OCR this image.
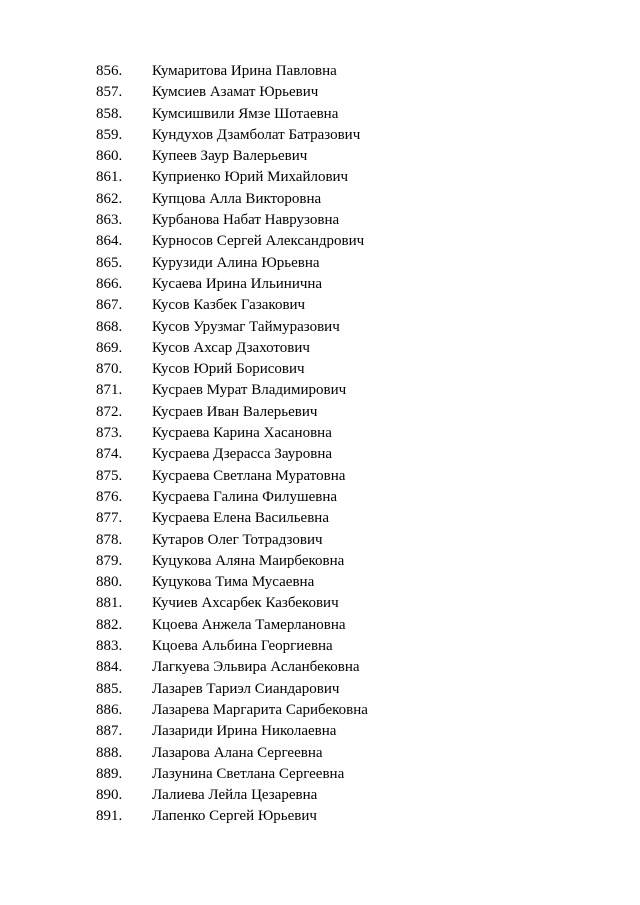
856. Кумаритова Ирина Павловна
857. Кумсиев Азамат Юрьевич
858. Кумсишвили Ямзе Шотаевна
859. Кундухов Дзамболат Батразович
860. Купеев Заур Валерьевич
861. Куприенко Юрий Михайлович
862. Купцова Алла Викторовна
863. Курбанова Набат Наврузовна
864. Курносов Сергей Александрович
865. Курузиди Алина Юрьевна
866. Кусаева Ирина Ильинична
867. Кусов Казбек Газакович
868. Кусов Урузмаг Таймуразович
869. Кусов Ахсар Дзахотович
870. Кусов Юрий Борисович
871. Кусраев Мурат Владимирович
872. Кусраев Иван Валерьевич
873. Кусраева Карина Хасановна
874. Кусраева Дзерасса Зауровна
875. Кусраева Светлана Муратовна
876. Кусраева Галина Филушевна
877. Кусраева Елена Васильевна
878. Кутаров Олег Тотрадзович
879. Куцукова Аляна Маирбековна
880. Куцукова Тима Мусаевна
881. Кучиев Ахсарбек Казбекович
882. Кцоева Анжела Тамерлановна
883. Кцоева Альбина Георгиевна
884. Лагкуева Эльвира Асланбековна
885. Лазарев Тариэл Сиандарович
886. Лазарева Маргарита Сарибековна
887. Лазариди Ирина Николаевна
888. Лазарова Алана Сергеевна
889. Лазунина Светлана Сергеевна
890. Лалиева Лейла Цезаревна
891. Лапенко Сергей Юрьевич
